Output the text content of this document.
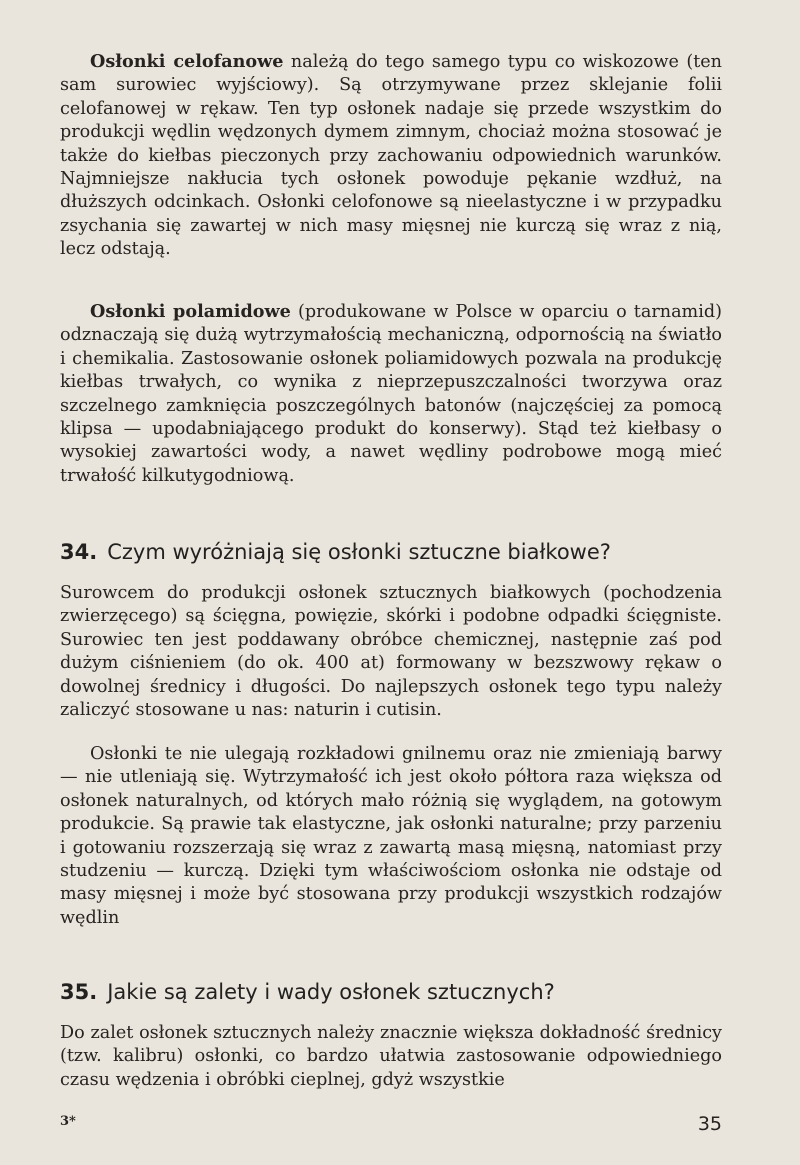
Osłonki celofanowe należą do tego samego typu co wiskozowe (ten sam surowiec wyjściowy). Są otrzymywane przez sklejanie folii celofanowej w rękaw. Ten typ osłonek nadaje się przede wszystkim do produkcji wędlin wędzonych dymem zimnym, chociaż można stosować je także do kiełbas pieczonych przy zachowaniu odpowiednich warunków. Najmniejsze nakłucia tych osłonek powoduje pękanie wzdłuż, na dłuższych odcinkach. Osłonki celofonowe są nieelastyczne i w przypadku zsychania się zawartej w nich masy mięsnej nie kurczą się wraz z nią, lecz odstają.

Osłonki polamidowe (produkowane w Polsce w oparciu o tarnamid) odznaczają się dużą wytrzymałością mechaniczną, odpornością na światło i chemikalia. Zastosowanie osłonek poliamidowych pozwala na produkcję kiełbas trwałych, co wynika z nieprzepuszczalności tworzywa oraz szczelnego zamknięcia poszczególnych batonów (najczęściej za pomocą klipsa — upodabniającego produkt do konserwy). Stąd też kiełbasy o wysokiej zawartości wody, a nawet wędliny podrobowe mogą mieć trwałość kilkutygodniową.

34. Czym wyróżniają się osłonki sztuczne białkowe?

Surowcem do produkcji osłonek sztucznych białkowych (pochodzenia zwierzęcego) są ścięgna, powięzie, skórki i podobne odpadki ścięgniste. Surowiec ten jest poddawany obróbce chemicznej, następnie zaś pod dużym ciśnieniem (do ok. 400 at) formowany w bezszwowy rękaw o dowolnej średnicy i długości. Do najlepszych osłonek tego typu należy zaliczyć stosowane u nas: naturin i cutisin.

Osłonki te nie ulegają rozkładowi gnilnemu oraz nie zmieniają barwy — nie utleniają się. Wytrzymałość ich jest około półtora raza większa od osłonek naturalnych, od których mało różnią się wyglądem, na gotowym produkcie. Są prawie tak elastyczne, jak osłonki naturalne; przy parzeniu i gotowaniu rozszerzają się wraz z zawartą masą mięsną, natomiast przy studzeniu — kurczą. Dzięki tym właściwościom osłonka nie odstaje od masy mięsnej i może być stosowana przy produkcji wszystkich rodzajów wędlin

35. Jakie są zalety i wady osłonek sztucznych?

Do zalet osłonek sztucznych należy znacznie większa dokładność średnicy (tzw. kalibru) osłonki, co bardzo ułatwia zastosowanie odpowiedniego czasu wędzenia i obróbki cieplnej, gdyż wszystkie

3*	35
